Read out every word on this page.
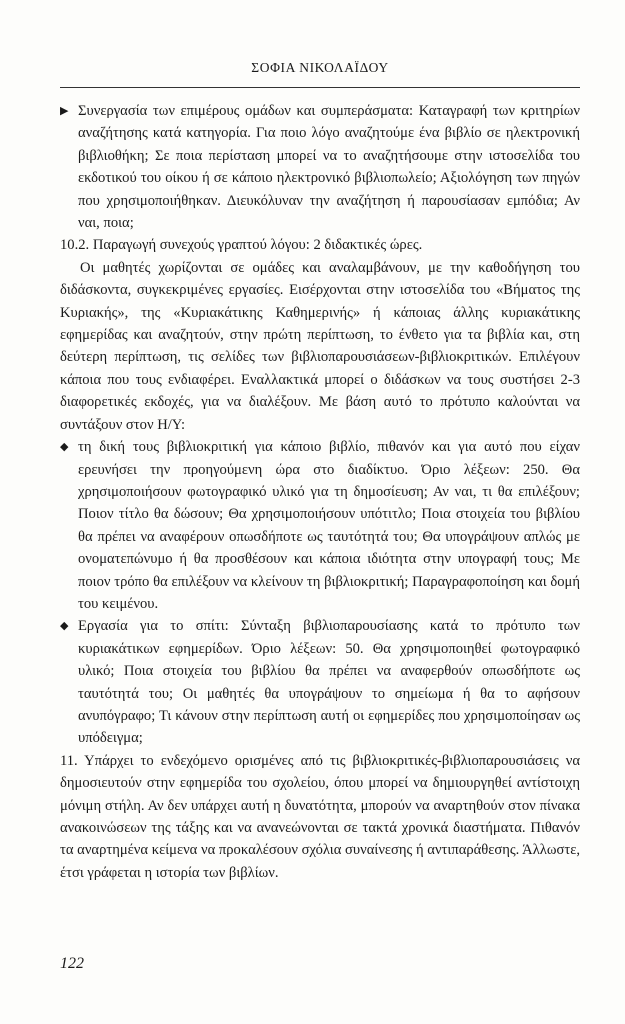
ΣΟΦΙΑ ΝΙΚΟΛΑΪΔΟΥ
▶ Συνεργασία των επιμέρους ομάδων και συμπεράσματα: Καταγραφή των κριτηρίων αναζήτησης κατά κατηγορία. Για ποιο λόγο αναζητούμε ένα βιβλίο σε ηλεκτρονική βιβλιοθήκη; Σε ποια περίσταση μπορεί να το αναζητήσουμε στην ιστοσελίδα του εκδοτικού του οίκου ή σε κάποιο ηλεκτρονικό βιβλιοπωλείο; Αξιολόγηση των πηγών που χρησιμοποιήθηκαν. Διευκόλυναν την αναζήτηση ή παρουσίασαν εμπόδια; Αν ναι, ποια;

10.2. Παραγωγή συνεχούς γραπτού λόγου: 2 διδακτικές ώρες.

Οι μαθητές χωρίζονται σε ομάδες και αναλαμβάνουν, με την καθοδήγηση του διδάσκοντα, συγκεκριμένες εργασίες. Εισέρχονται στην ιστοσελίδα του «Βήματος της Κυριακής», της «Κυριακάτικης Καθημερινής» ή κάποιας άλλης κυριακάτικης εφημερίδας και αναζητούν, στην πρώτη περίπτωση, το ένθετο για τα βιβλία και, στη δεύτερη περίπτωση, τις σελίδες των βιβλιοπαρουσιάσεων-βιβλιοκριτικών. Επιλέγουν κάποια που τους ενδιαφέρει. Εναλλακτικά μπορεί ο διδάσκων να τους συστήσει 2-3 διαφορετικές εκδοχές, για να διαλέξουν. Με βάση αυτό το πρότυπο καλούνται να συντάξουν στον Η/Υ:

◆ τη δική τους βιβλιοκριτική για κάποιο βιβλίο, πιθανόν και για αυτό που είχαν ερευνήσει την προηγούμενη ώρα στο διαδίκτυο. Όριο λέξεων: 250. Θα χρησιμοποιήσουν φωτογραφικό υλικό για τη δημοσίευση; Αν ναι, τι θα επιλέξουν; Ποιον τίτλο θα δώσουν; Θα χρησιμοποιήσουν υπότιτλο; Ποια στοιχεία του βιβλίου θα πρέπει να αναφέρουν οπωσδήποτε ως ταυτότητά του; Θα υπογράψουν απλώς με ονοματεπώνυμο ή θα προσθέσουν και κάποια ιδιότητα στην υπογραφή τους; Με ποιον τρόπο θα επιλέξουν να κλείνουν τη βιβλιοκριτική; Παραγραφοποίηση και δομή του κειμένου.

◆ Εργασία για το σπίτι: Σύνταξη βιβλιοπαρουσίασης κατά το πρότυπο των κυριακάτικων εφημερίδων. Όριο λέξεων: 50. Θα χρησιμοποιηθεί φωτογραφικό υλικό; Ποια στοιχεία του βιβλίου θα πρέπει να αναφερθούν οπωσδήποτε ως ταυτότητά του; Οι μαθητές θα υπογράψουν το σημείωμα ή θα το αφήσουν ανυπόγραφο; Τι κάνουν στην περίπτωση αυτή οι εφημερίδες που χρησιμοποίησαν ως υπόδειγμα;

11. Υπάρχει το ενδεχόμενο ορισμένες από τις βιβλιοκριτικές-βιβλιοπαρουσιάσεις να δημοσιευτούν στην εφημερίδα του σχολείου, όπου μπορεί να δημιουργηθεί αντίστοιχη μόνιμη στήλη. Αν δεν υπάρχει αυτή η δυνατότητα, μπορούν να αναρτηθούν στον πίνακα ανακοινώσεων της τάξης και να ανανεώνονται σε τακτά χρονικά διαστήματα. Πιθανόν τα αναρτημένα κείμενα να προκαλέσουν σχόλια συναίνεσης ή αντιπαράθεσης. Άλλωστε, έτσι γράφεται η ιστορία των βιβλίων.

122
